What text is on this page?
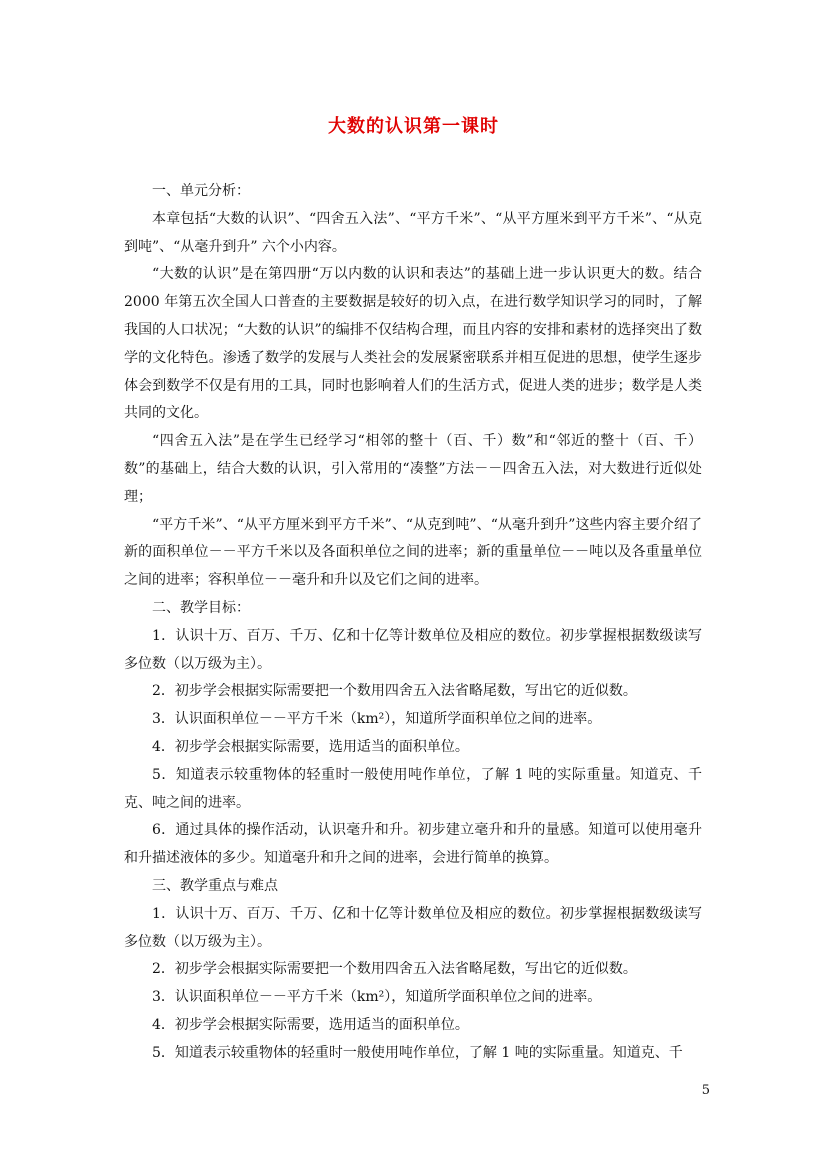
大数的认识第一课时

一、单元分析：

本章包括“大数的认识”、“四舍五入法”、“平方千米”、“从平方厘米到平方千米”、“从克到吨”、“从毫升到升” 六个小内容。

“大数的认识”是在第四册“万以内数的认识和表达”的基础上进一步认识更大的数。结合 2000 年第五次全国人口普查的主要数据是较好的切入点，在进行数学知识学习的同时，了解我国的人口状况；“大数的认识”的编排不仅结构合理，而且内容的安排和素材的选择突出了数学的文化特色。渗透了数学的发展与人类社会的发展紧密联系并相互促进的思想，使学生逐步体会到数学不仅是有用的工具，同时也影响着人们的生活方式，促进人类的进步；数学是人类共同的文化。

“四舍五入法”是在学生已经学习“相邻的整十（百、千）数”和“邻近的整十（百、千）数”的基础上，结合大数的认识，引入常用的“凑整”方法－－四舍五入法，对大数进行近似处理；

“平方千米”、“从平方厘米到平方千米”、“从克到吨”、“从毫升到升”这些内容主要介绍了新的面积单位－－平方千米以及各面积单位之间的进率；新的重量单位－－吨以及各重量单位之间的进率；容积单位－－毫升和升以及它们之间的进率。

二、教学目标：

1．认识十万、百万、千万、亿和十亿等计数单位及相应的数位。初步掌握根据数级读写多位数（以万级为主）。

2．初步学会根据实际需要把一个数用四舍五入法省略尾数，写出它的近似数。

3．认识面积单位－－平方千米（km²），知道所学面积单位之间的进率。

4．初步学会根据实际需要，选用适当的面积单位。

5．知道表示较重物体的轻重时一般使用吨作单位，了解 1 吨的实际重量。知道克、千克、吨之间的进率。

6．通过具体的操作活动，认识毫升和升。初步建立毫升和升的量感。知道可以使用毫升和升描述液体的多少。知道毫升和升之间的进率，会进行简单的换算。

三、教学重点与难点

1．认识十万、百万、千万、亿和十亿等计数单位及相应的数位。初步掌握根据数级读写多位数（以万级为主）。

2．初步学会根据实际需要把一个数用四舍五入法省略尾数，写出它的近似数。

3．认识面积单位－－平方千米（km²），知道所学面积单位之间的进率。

4．初步学会根据实际需要，选用适当的面积单位。

5．知道表示较重物体的轻重时一般使用吨作单位，了解 1 吨的实际重量。知道克、千

5
